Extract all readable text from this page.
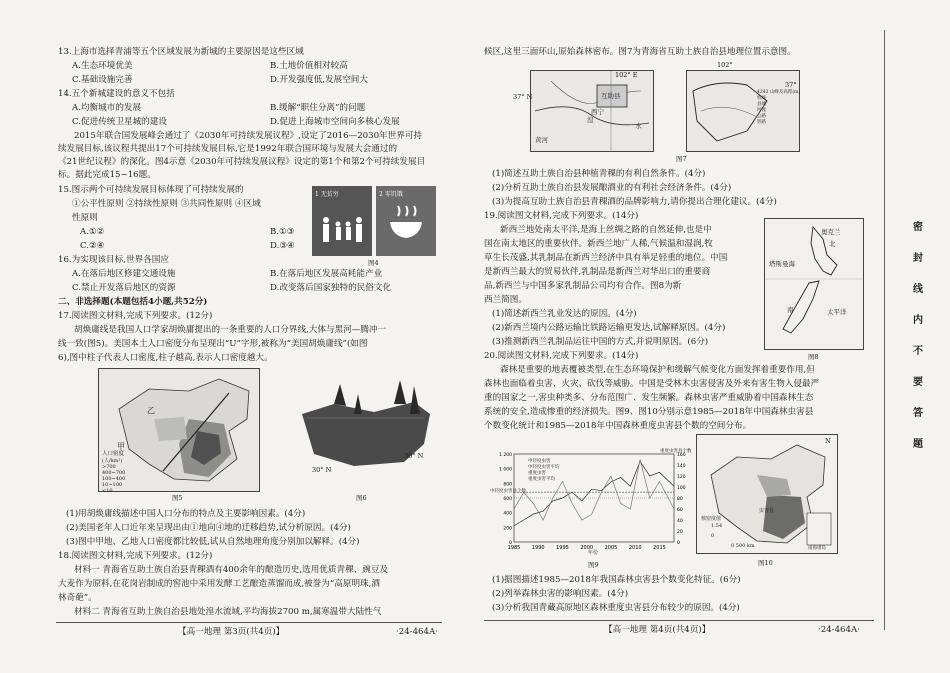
13.上海市选择青浦等五个区域发展为新城的主要原因是这些区域
A.生态环境优美	B.土地价值相对较高
C.基础设施完善	D.开发强度低,发展空间大
14.五个新城建设的意义不包括
A.均衡城市的发展	B.缓解“职住分离”的问题
C.促进传统卫星城的建设	D.促进上海城市空间向多核心发展
2015年联合国发展峰会通过了《2030年可持续发展议程》,设定了2016—2030年世界可持
续发展目标,该议程共提出17个可持续发展目标,它是1992年联合国环境与发展大会通过的
《21世纪议程》的深化。图4示意《2030年可持续发展议程》设定的第1个和第2个可持续发展目
标。据此完成15~16题。
15.图示两个可持续发展目标体现了可持续发展的
①公平性原则 ②持续性原则 ③共同性原则 ④区域
性原则
A.①②	B.①③
C.②④	D.③④
1 无贫穷	2 零饥饿
图4
16.为实现该目标,世界各国应
A.在落后地区修建交通设施	B.在落后地区发展高耗能产业
C.禁止开发落后地区的资源	D.改变落后国家独特的民俗文化
二、非选择题(本题包括4小题,共52分)
17.阅读图文材料,完成下列要求。(12分)
胡焕庸线是我国人口学家胡焕庸提出的一条重要的人口分界线,大体与黑河—腾冲一
线一致(图5)。美国本土人口密度分布呈现出“U”字形,被称为“美国胡焕庸线”(如图
6),图中柱子代表人口密度,柱子越高,表示人口密度越大。
甲
乙
人口密度
(人/km²)
>700
400~700
100~400
10~100
<10
图5
30° N
30° N
图6
(1)用胡焕庸线描述中国人口分布的特点及主要影响因素。(4分)
(2)美国老年人口近年来呈现出由①地向④地的迁移趋势,试分析原因。(4分)
(3)图中甲地、乙地人口密度都比较低,试从自然地理角度分别加以解释。(4分)
18.阅读图文材料,完成下列要求。(12分)
材料一 青海省互助土族自治县青稞酒有400余年的酿造历史,选用优质青稞、豌豆及
大麦作为原料,在花岗岩制成的窖池中采用发酵工艺酿造蒸馏而成,被誉为“高原明珠,酒
林奇葩”。
材料二 青海省互助土族自治县地处湟水流域,平均海拔2700 m,属寒温带大陆性气
【高一地理 第3页(共4页)】	·24-464A·
候区,这里三面环山,原始森林密布。图7为青海省互助土族自治县地理位置示意图。
102° E
37° N
湟
水
互助县
西宁
黄河
102°
37°
4242 山峰及高程(m)
机场
县城
河流
公路
铁路
图7
(1)简述互助土族自治县种植青稞的有利自然条件。(4分)
(2)分析互助土族自治县发展酿酒业的有利社会经济条件。(4分)
(3)为提高互助土族自治县青稞酒的品牌影响力,请你提出合理化建议。(4分)
19.阅读图文材料,完成下列要求。(14分)
新西兰地处南太平洋,是海上丝绸之路的自然延伸,也是中
国在南太地区的重要伙伴。新西兰地广人稀,气候温和湿润,牧
草生长茂盛,其乳制品在新西兰经济中具有举足轻重的地位。中国
是新西兰最大的贸易伙伴,乳制品是新西兰对华出口的重要商
品,新西兰与中国多家乳制品公司均有合作。图8为新
西兰简图。
北
南
塔斯曼海
奥克兰
太平洋
图8
(1)简述新西兰乳业发达的原因。(4分)
(2)新西兰境内公路运输比铁路运输更发达,试解释原因。(4分)
(3)推测新西兰乳制品运往中国的方式,并说明原因。(6分)
20.阅读图文材料,完成下列要求。(14分)
森林是重要的地表覆被类型,在生态环境保护和缓解气候变化方面发挥着重要作用,但
森林也面临着虫害、火灾、砍伐等威胁。中国是受林木虫害侵害及外来有害生物入侵最严
重的国家之一,害虫种类多、分布范围广、发生频繁。森林虫害严重威胁着中国森林生态
系统的安全,造成惨重的经济损失。图9、图10分别示意1985—2018年中国森林虫害县
个数变化统计和1985—2018年中国森林重度虫害县个数的空间分布。
1985 1990 1995 2000 2005 2010 2015
1 200
1 000
800
600
400
200
0
160
140
120
100
80
60
40
20
0
中轻度虫害
中轻度虫害平均
重度虫害
重度虫害平均
中轻度虫害县个数
重度虫害县个数
年份
图9
N
虫害县
核密度值
1.54
0
0 500 km	南海诸岛
图10
(1)据图描述1985—2018年我国森林虫害县个数变化特征。(6分)
(2)列举森林虫害的影响因素。(4分)
(3)分析我国青藏高原地区森林重度虫害县分布较少的原因。(4分)
【高一地理 第4页(共4页)】	·24-464A·
密
封
线
内
不
要
答
题
